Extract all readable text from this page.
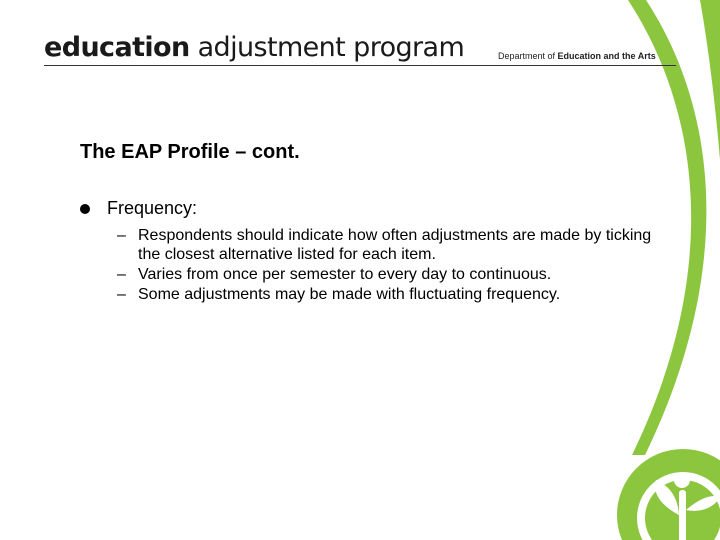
education adjustment program	Department of Education and the Arts
The EAP Profile – cont.
Frequency:
– Respondents should indicate how often adjustments are made by ticking the closest alternative listed for each item.
– Varies from once per semester to every day to continuous.
– Some adjustments may be made with fluctuating frequency.
